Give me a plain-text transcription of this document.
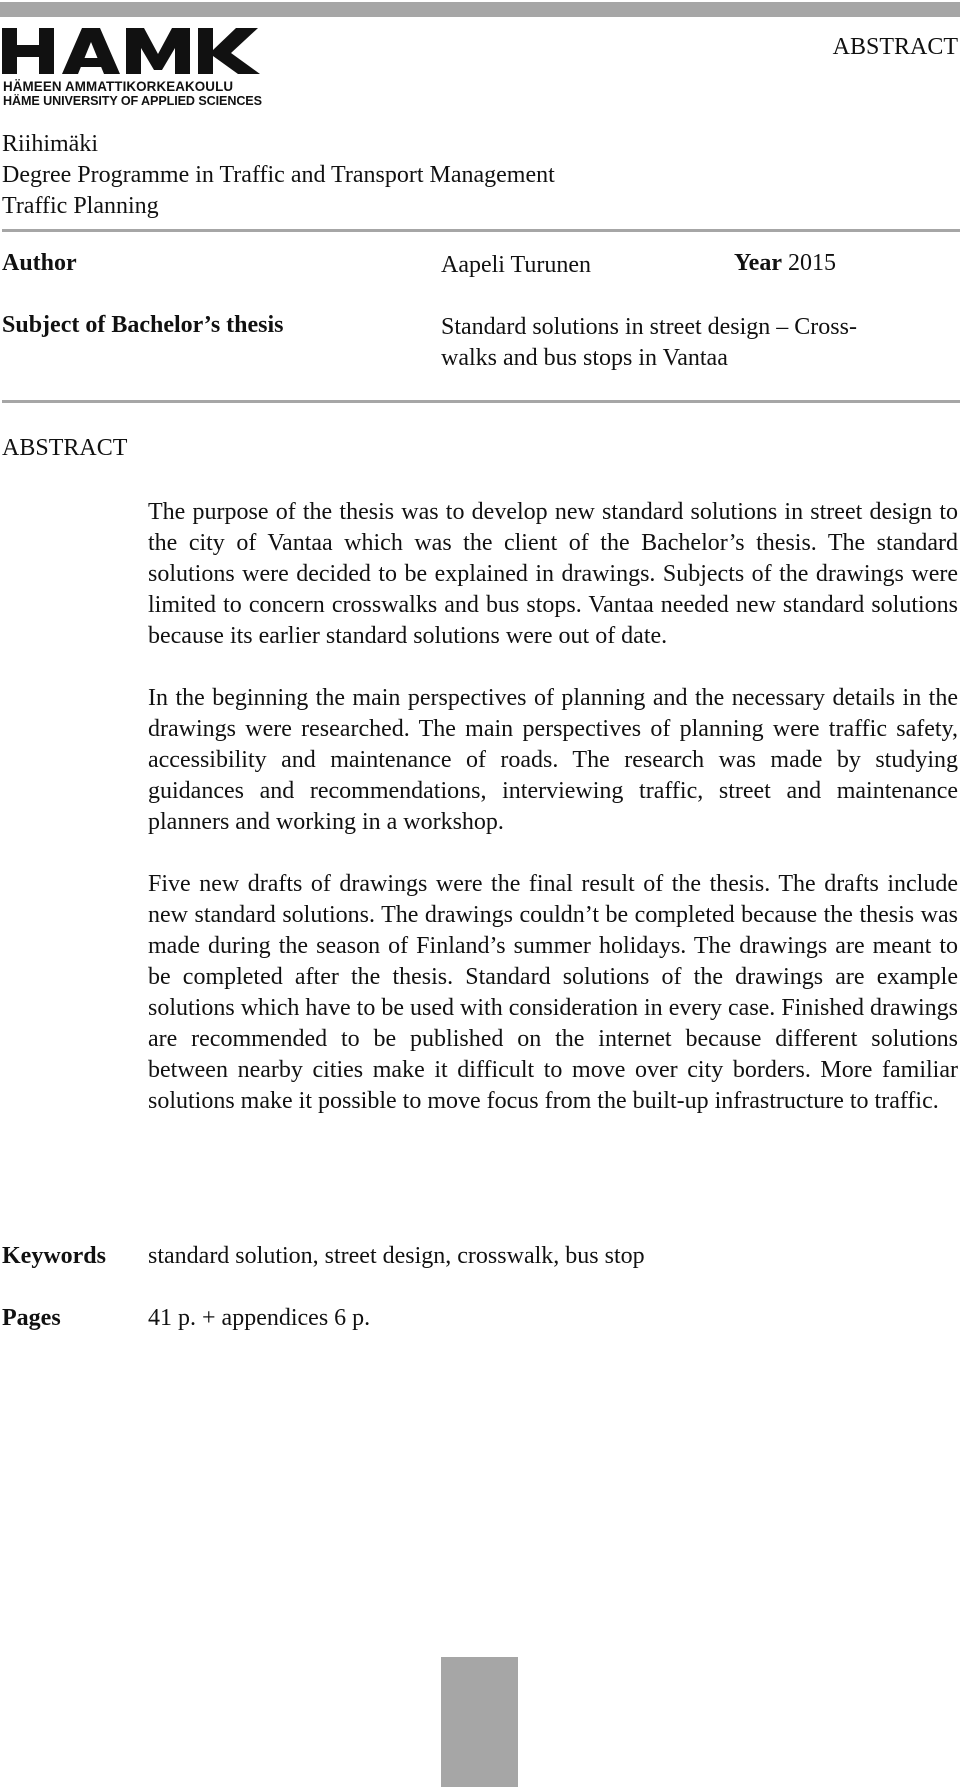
HÄMEEN AMMATTIKORKEAKOULU
HÄME UNIVERSITY OF APPLIED SCIENCES
ABSTRACT
Riihimäki
Degree Programme in Traffic and Transport Management
Traffic Planning
Author	Aapeli Turunen	Year 2015
Subject of Bachelor’s thesis	Standard solutions in street design – Cross-
walks and bus stops in Vantaa
ABSTRACT

The purpose of the thesis was to develop new standard solutions in street design to the city of Vantaa which was the client of the Bachelor’s thesis. The standard solutions were decided to be explained in drawings. Subjects of the drawings were limited to concern crosswalks and bus stops. Vantaa needed new standard solutions because its earlier standard solutions were out of date.

In the beginning the main perspectives of planning and the necessary details in the drawings were researched. The main perspectives of planning were traffic safety, accessibility and maintenance of roads. The research was made by studying guidances and recommendations, interviewing traffic, street and maintenance planners and working in a workshop.

Five new drafts of drawings were the final result of the thesis. The drafts include new standard solutions. The drawings couldn’t be completed because the thesis was made during the season of Finland’s summer holidays. The drawings are meant to be completed after the thesis. Standard solutions of the drawings are example solutions which have to be used with consideration in every case. Finished drawings are recommended to be published on the internet because different solutions between nearby cities make it difficult to move over city borders. More familiar solutions make it possible to move focus from the built-up infrastructure to traffic.

Keywords standard solution, street design, crosswalk, bus stop
Pages	41 p. + appendices 6 p.
